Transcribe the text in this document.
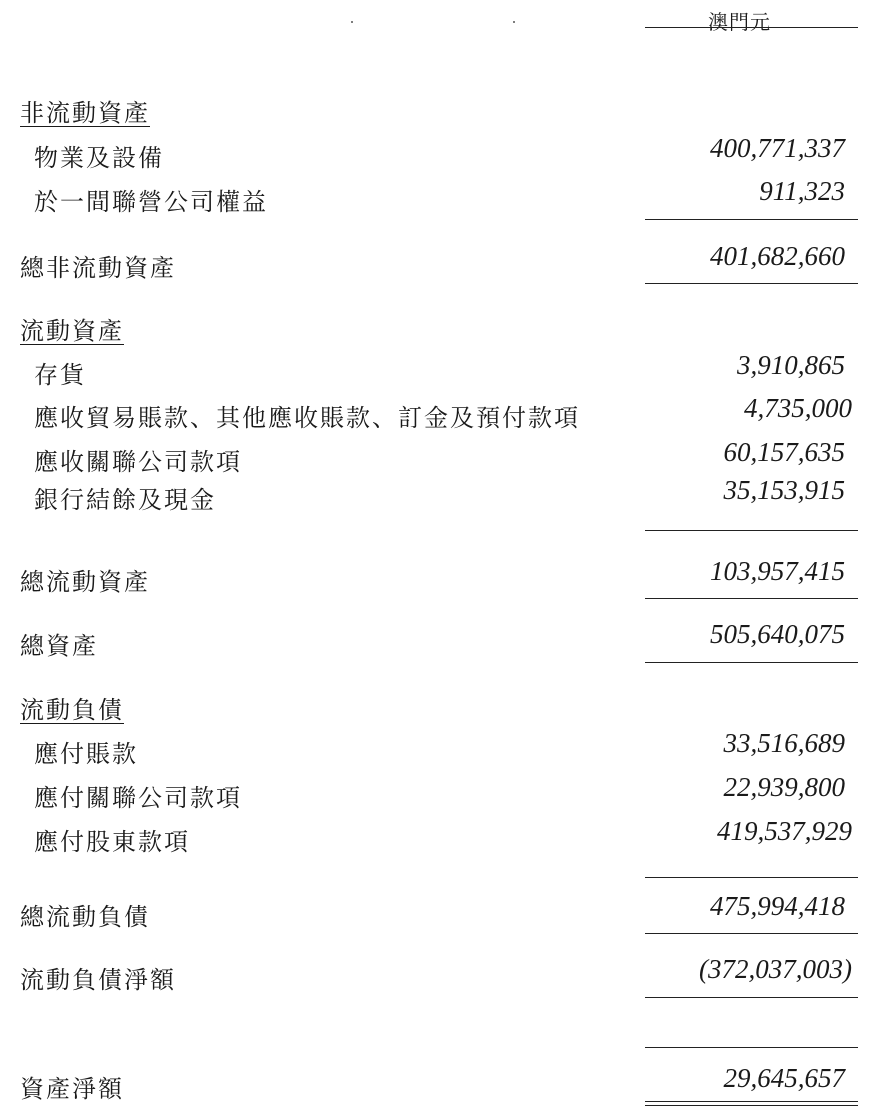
澳門元
非流動資產
物業及設備	400,771,337
於一間聯營公司權益	911,323
總非流動資產	401,682,660
流動資產
存貨	3,910,865
應收貿易賬款、其他應收賬款、訂金及預付款項	4,735,000
應收關聯公司款項	60,157,635
銀行結餘及現金	35,153,915
總流動資產	103,957,415
總資產	505,640,075
流動負債
應付賬款	33,516,689
應付關聯公司款項	22,939,800
應付股東款項	419,537,929
總流動負債	475,994,418
流動負債淨額	(372,037,003)
資產淨額	29,645,657
